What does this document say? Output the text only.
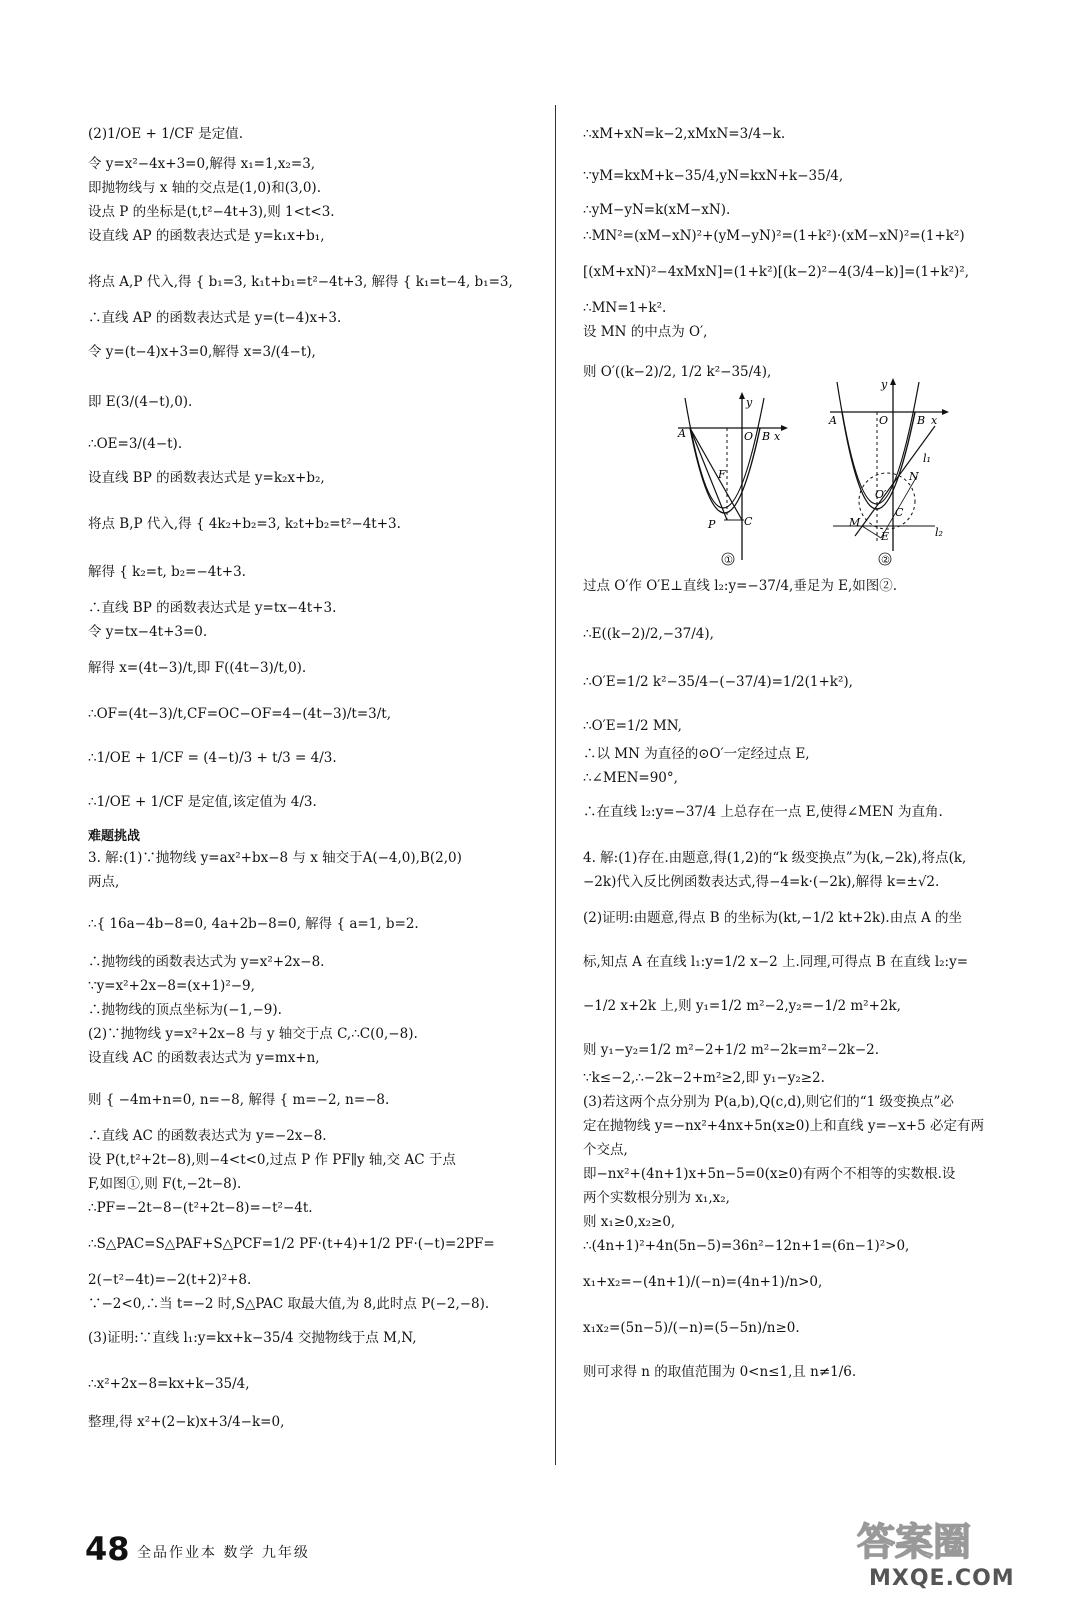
(2)1/OE + 1/CF 是定值.
令 y=x²−4x+3=0,解得 x₁=1,x₂=3,
即抛物线与 x 轴的交点是(1,0)和(3,0).
设点 P 的坐标是(t,t²−4t+3),则 1<t<3.
设直线 AP 的函数表达式是 y=k₁x+b₁,
将点 A,P 代入,得 { b₁=3, k₁t+b₁=t²−4t+3, 解得 { k₁=t−4, b₁=3,
∴直线 AP 的函数表达式是 y=(t−4)x+3.
令 y=(t−4)x+3=0,解得 x=3/(4−t),
即 E(3/(4−t),0).
∴OE=3/(4−t).
设直线 BP 的函数表达式是 y=k₂x+b₂,
将点 B,P 代入,得 { 4k₂+b₂=3, k₂t+b₂=t²−4t+3.
解得 { k₂=t, b₂=−4t+3.
∴直线 BP 的函数表达式是 y=tx−4t+3.
令 y=tx−4t+3=0.
解得 x=(4t−3)/t,即 F((4t−3)/t,0).
∴OF=(4t−3)/t,CF=OC−OF=4−(4t−3)/t=3/t,
∴1/OE + 1/CF = (4−t)/3 + t/3 = 4/3.
∴1/OE + 1/CF 是定值,该定值为 4/3.
难题挑战
3. 解:(1)∵抛物线 y=ax²+bx−8 与 x 轴交于A(−4,0),B(2,0)
两点,
∴{ 16a−4b−8=0, 4a+2b−8=0, 解得 { a=1, b=2.
∴抛物线的函数表达式为 y=x²+2x−8.
∵y=x²+2x−8=(x+1)²−9,
∴抛物线的顶点坐标为(−1,−9).
(2)∵抛物线 y=x²+2x−8 与 y 轴交于点 C,∴C(0,−8).
设直线 AC 的函数表达式为 y=mx+n,
则 { −4m+n=0, n=−8, 解得 { m=−2, n=−8.
∴直线 AC 的函数表达式为 y=−2x−8.
设 P(t,t²+2t−8),则−4<t<0,过点 P 作 PF∥y 轴,交 AC 于点
F,如图①,则 F(t,−2t−8).
∴PF=−2t−8−(t²+2t−8)=−t²−4t.
∴S△PAC=S△PAF+S△PCF=1/2 PF·(t+4)+1/2 PF·(−t)=2PF=
2(−t²−4t)=−2(t+2)²+8.
∵−2<0,∴当 t=−2 时,S△PAC 取最大值,为 8,此时点 P(−2,−8).
(3)证明:∵直线 l₁:y=kx+k−35/4 交抛物线于点 M,N,
∴x²+2x−8=kx+k−35/4,
整理,得 x²+(2−k)x+3/4−k=0,
∴xM+xN=k−2,xMxN=3/4−k.
∵yM=kxM+k−35/4,yN=kxN+k−35/4,
∴yM−yN=k(xM−xN).
∴MN²=(xM−xN)²+(yM−yN)²=(1+k²)·(xM−xN)²=(1+k²)
[(xM+xN)²−4xMxN]=(1+k²)[(k−2)²−4(3/4−k)]=(1+k²)²,
∴MN=1+k².
设 MN 的中点为 O′,
则 O′((k−2)/2, 1/2 k²−35/4),
过点 O′作 O′E⊥直线 l₂:y=−37/4,垂足为 E,如图②.
∴E((k−2)/2,−37/4),
∴O′E=1/2 k²−35/4−(−37/4)=1/2(1+k²),
∴O′E=1/2 MN,
∴以 MN 为直径的⊙O′一定经过点 E,
∴∠MEN=90°,
∴在直线 l₂:y=−37/4 上总存在一点 E,使得∠MEN 为直角.
4. 解:(1)存在.由题意,得(1,2)的“k 级变换点”为(k,−2k),将点(k,
−2k)代入反比例函数表达式,得−4=k·(−2k),解得 k=±√2.
(2)证明:由题意,得点 B 的坐标为(kt,−1/2 kt+2k).由点 A 的坐
标,知点 A 在直线 l₁:y=1/2 x−2 上.同理,可得点 B 在直线 l₂:y=
−1/2 x+2k 上,则 y₁=1/2 m²−2,y₂=−1/2 m²+2k,
则 y₁−y₂=1/2 m²−2+1/2 m²−2k=m²−2k−2.
∵k≤−2,∴−2k−2+m²≥2,即 y₁−y₂≥2.
(3)若这两个点分别为 P(a,b),Q(c,d),则它们的“1 级变换点”必
定在抛物线 y=−nx²+4nx+5n(x≥0)上和直线 y=−x+5 必定有两
个交点,
即−nx²+(4n+1)x+5n−5=0(x≥0)有两个不相等的实数根.设
两个实数根分别为 x₁,x₂,
则 x₁≥0,x₂≥0,
∴(4n+1)²+4n(5n−5)=36n²−12n+1=(6n−1)²>0,
x₁+x₂=−(4n+1)/(−n)=(4n+1)/n>0,
x₁x₂=(5n−5)/(−n)=(5−5n)/n≥0.
则可求得 n 的取值范围为 0<n≤1,且 n≠1/6.
y
A	O B x
F
P	C
①
y
A	O	B x
l₁
N
O′
C
M
E	l₂
②
48 全品作业本 数学 九年级	答案圈
MXQE.COM
